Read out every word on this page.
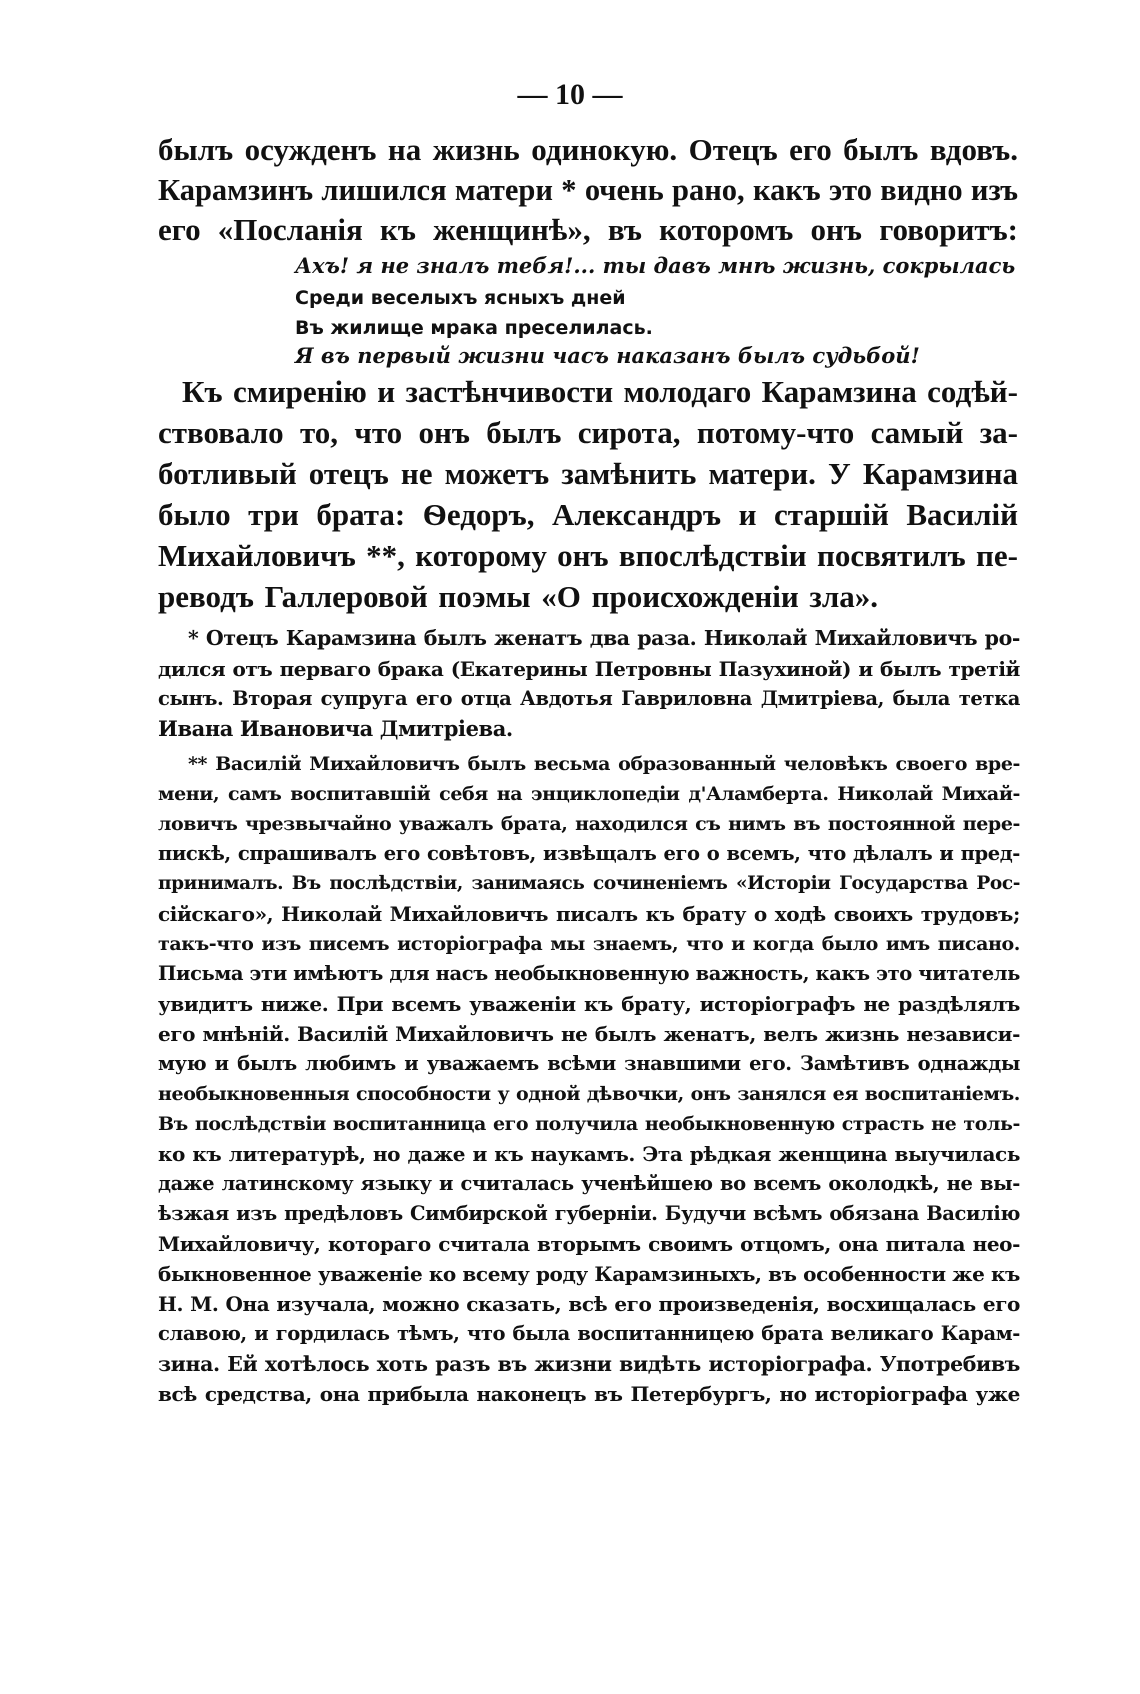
— 10 —
былъ осужденъ на жизнь одинокую. Отецъ его былъ вдовъ.
Карамзинъ лишился матери * очень рано, какъ это видно изъ
его «Посланія къ женщинѣ», въ которомъ онъ говоритъ:
Ахъ! я не зналъ тебя!... ты давъ мнѣ жизнь, сокрылась
Среди веселыхъ ясныхъ дней
Въ жилище мрака преселилась.
Я въ первый жизни часъ наказанъ былъ судьбой!
Къ смиренію и застѣнчивости молодаго Карамзина содѣй-
ствовало то, что онъ былъ сирота, потому-что самый за-
ботливый отецъ не можетъ замѣнить матери. У Карамзина
было три брата: Ѳедоръ, Александръ и старшій Василій
Михайловичъ **, которому онъ впослѣдствіи посвятилъ пе-
реводъ Галлеровой поэмы «О происхожденіи зла».
* Отецъ Карамзина былъ женатъ два раза. Николай Михайловичъ ро-
дился отъ перваго брака (Екатерины Петровны Пазухиной) и былъ третій
сынъ. Вторая супруга его отца Авдотья Гавриловна Дмитріева, была тетка
Ивана Ивановича Дмитріева.
** Василій Михайловичъ былъ весьма образованный человѣкъ своего вре-
мени, самъ воспитавшій себя на энциклопедіи д'Аламберта. Николай Михай-
ловичъ чрезвычайно уважалъ брата, находился съ нимъ въ постоянной пере-
пискѣ, спрашивалъ его совѣтовъ, извѣщалъ его о всемъ, что дѣлалъ и пред-
принималъ. Въ послѣдствіи, занимаясь сочиненіемъ «Исторіи Государства Рос-
сійскаго», Николай Михайловичъ писалъ къ брату о ходѣ своихъ трудовъ;
такъ-что изъ писемъ исторіографа мы знаемъ, что и когда было имъ писано.
Письма эти имѣютъ для насъ необыкновенную важность, какъ это читатель
увидитъ ниже. При всемъ уваженіи къ брату, исторіографъ не раздѣлялъ
его мнѣній. Василій Михайловичъ не былъ женатъ, велъ жизнь независи-
мую и былъ любимъ и уважаемъ всѣми знавшими его. Замѣтивъ однажды
необыкновенныя способности у одной дѣвочки, онъ занялся ея воспитаніемъ.
Въ послѣдствіи воспитанница его получила необыкновенную страсть не толь-
ко къ литературѣ, но даже и къ наукамъ. Эта рѣдкая женщина выучилась
даже латинскому языку и считалась ученѣйшею во всемъ околодкѣ, не вы-
ѣзжая изъ предѣловъ Симбирской губерніи. Будучи всѣмъ обязана Василію
Михайловичу, котораго считала вторымъ своимъ отцомъ, она питала нео-
быкновенное уваженіе ко всему роду Карамзиныхъ, въ особенности же къ
Н. М. Она изучала, можно сказать, всѣ его произведенія, восхищалась его
славою, и гордилась тѣмъ, что была воспитанницею брата великаго Карам-
зина. Ей хотѣлось хоть разъ въ жизни видѣть исторіографа. Употребивъ
всѣ средства, она прибыла наконецъ въ Петербургъ, но исторіографа уже
